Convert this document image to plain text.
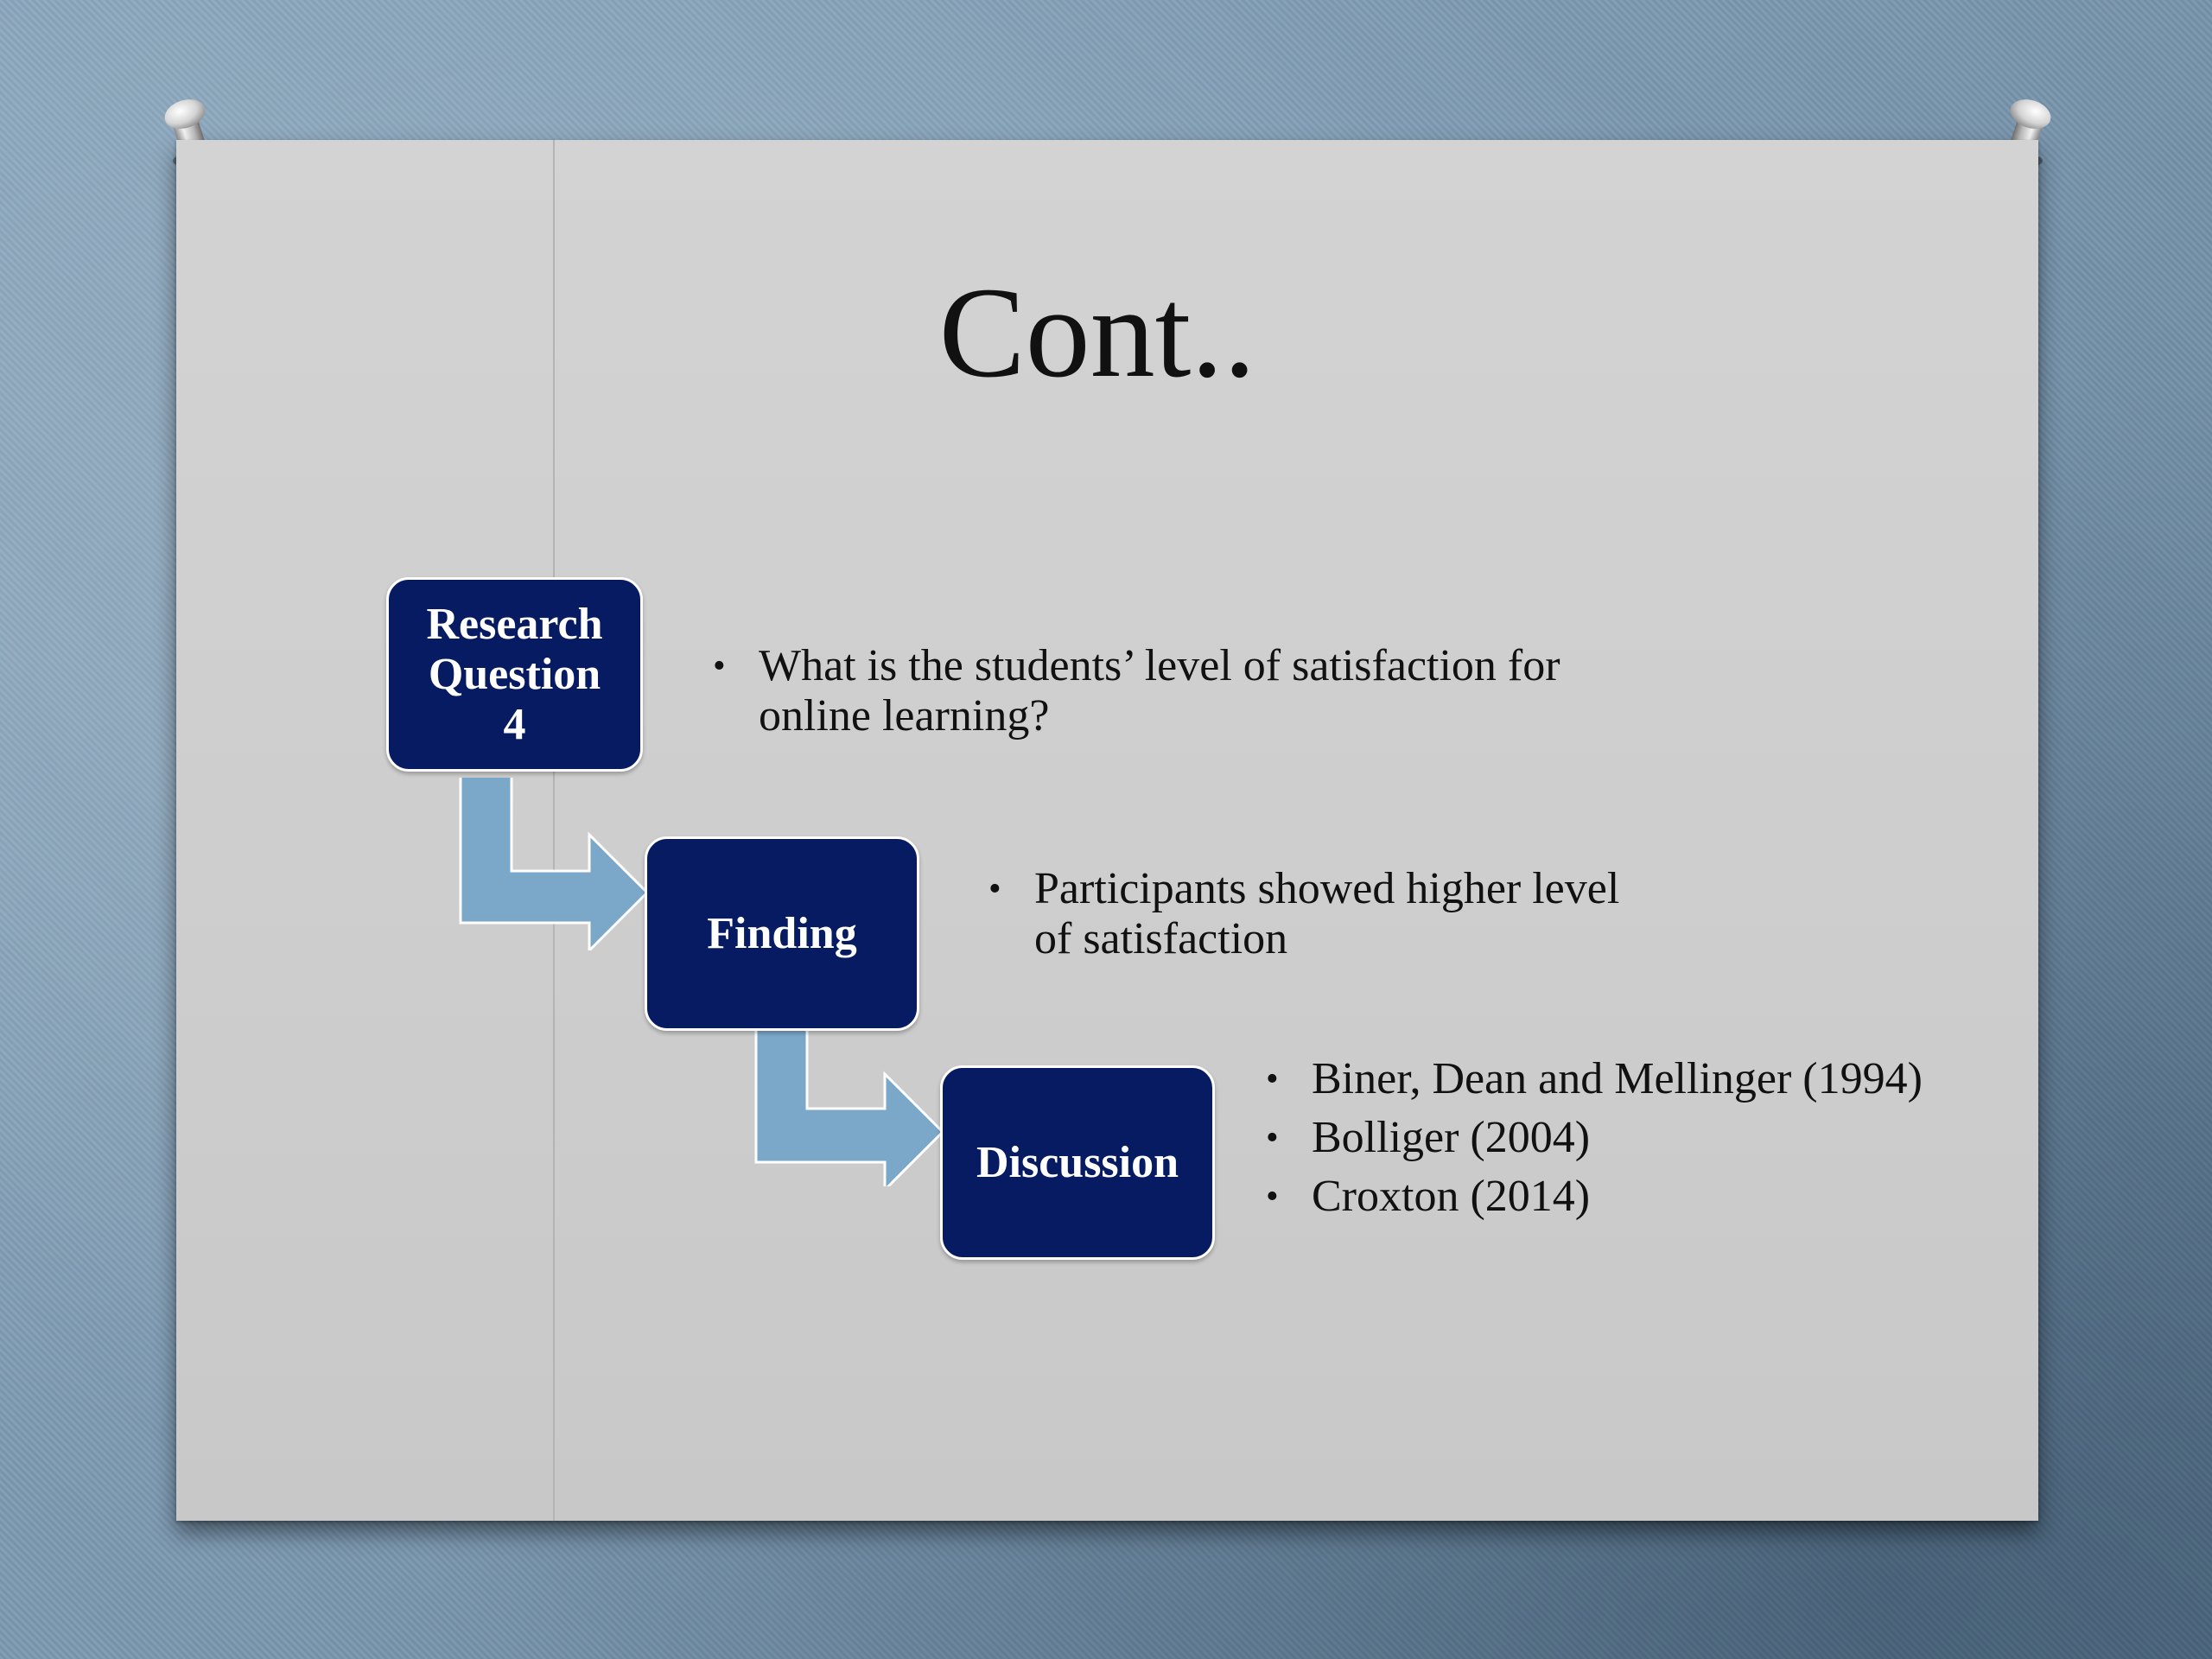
Cont..
Research
Question
4
Finding
Discussion
• What is the students’ level of satisfaction for online learning?
• Participants showed higher level of satisfaction
• Biner, Dean and Mellinger (1994)
• Bolliger (2004)
• Croxton (2014)
